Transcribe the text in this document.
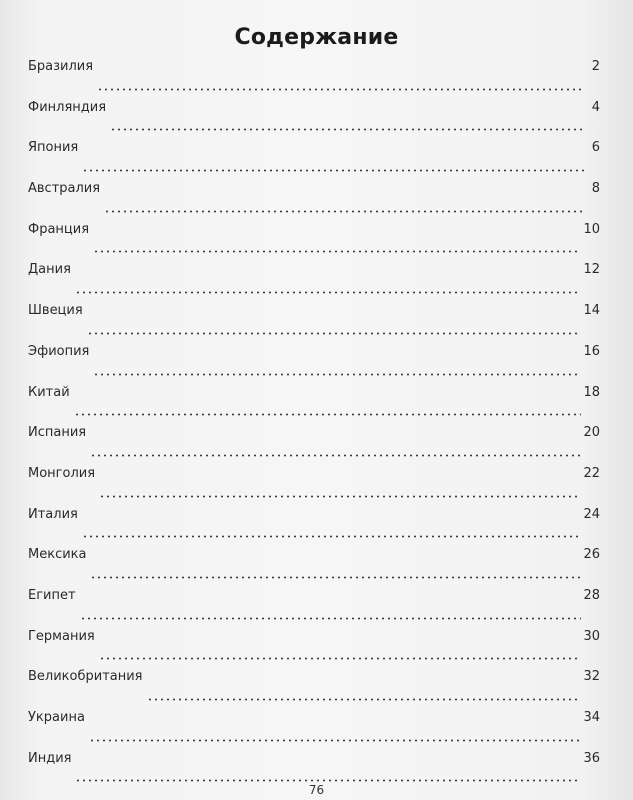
Содержание
Бразилия	2
Финляндия	4
Япония	6
Австралия	8
Франция	10
Дания	12
Швеция	14
Эфиопия	16
Китай	18
Испания	20
Монголия	22
Италия	24
Мексика	26
Египет	28
Германия	30
Великобритания	32
Украина	34
Индия	36
76
